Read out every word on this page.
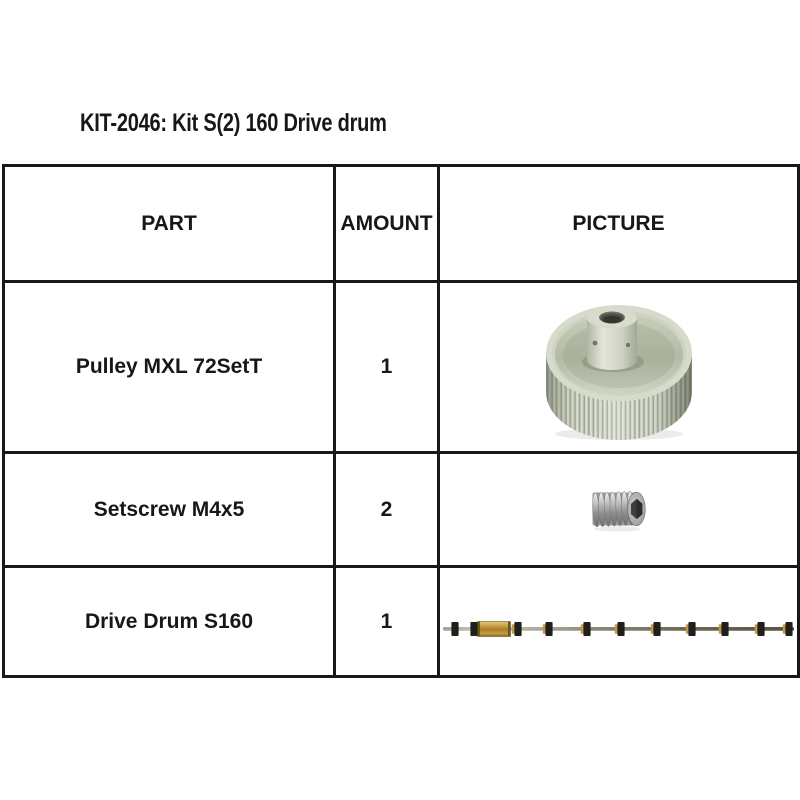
KIT-2046: Kit S(2) 160 Drive drum
PART	AMOUNT	PICTURE
Pulley MXL 72SetT	1	

Setscrew M4x5	2	

Drive Drum S160	1	
